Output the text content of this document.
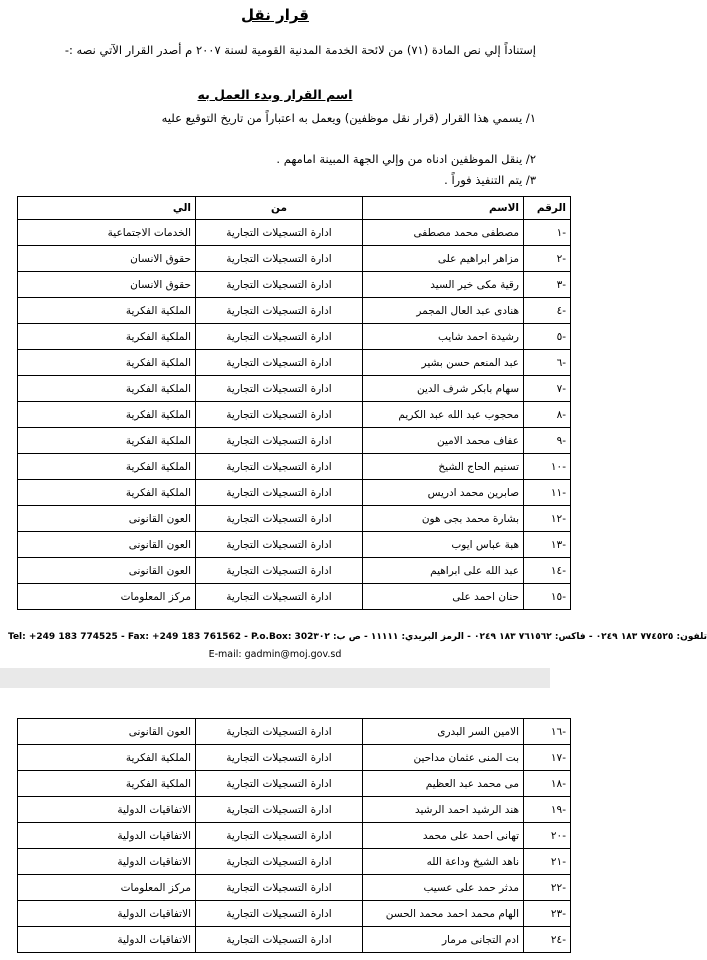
قرار نقل
إستناداً إلي نص المادة (٧١) من لائحة الخدمة المدنية القومية لسنة ٢٠٠٧ م أصدر القرار الآتي نصه :-
اسم القرار وبدء العمل به
١/ يسمي هذا القرار (قرار نقل موظفين) ويعمل به اعتباراً من تاريخ التوقيع عليه
٢/ ينقل الموظفين ادناه من وإلي الجهة المبينة امامهم .
٣/ يتم التنفيذ فوراً .
الرقم	الاسم	من	الي
-١	مصطفى محمد مصطفى	ادارة التسجيلات التجارية	الخدمات الاجتماعية
-٢	مزاهر ابراهيم على	ادارة التسجيلات التجارية	حقوق الانسان
-٣	رقية مكى خير السيد	ادارة التسجيلات التجارية	حقوق الانسان
-٤	هنادى عبد العال المجمر	ادارة التسجيلات التجارية	الملكية الفكرية
-٥	رشيدة احمد شايب	ادارة التسجيلات التجارية	الملكية الفكرية
-٦	عبد المنعم حسن بشير	ادارة التسجيلات التجارية	الملكية الفكرية
-٧	سهام بابكر شرف الدين	ادارة التسجيلات التجارية	الملكية الفكرية
-٨	محجوب عبد الله عبد الكريم	ادارة التسجيلات التجارية	الملكية الفكرية
-٩	عفاف محمد الامين	ادارة التسجيلات التجارية	الملكية الفكرية
-١٠	تسنيم الحاج الشيخ	ادارة التسجيلات التجارية	الملكية الفكرية
-١١	صابرين محمد ادريس	ادارة التسجيلات التجارية	الملكية الفكرية
-١٢	بشارة محمد بجى هون	ادارة التسجيلات التجارية	العون القانونى
-١٣	هبة عباس ايوب	ادارة التسجيلات التجارية	العون القانونى
-١٤	عبد الله على ابراهيم	ادارة التسجيلات التجارية	العون القانونى
-١٥	حنان احمد على	ادارة التسجيلات التجارية	مركز المعلومات
Tel: +249 183 774525 - Fax: +249 183 761562 - P.o.Box: 302 تلفون: ٧٧٤٥٢٥ ١٨٣ ٠٢٤٩ - فاكس: ٧٦١٥٦٢ ١٨٣ ٠٢٤٩ - الرمز البريدي: ١١١١١ - ص ب: ٣٠٢
E-mail: gadmin@moj.gov.sd
-١٦	الامين السر البدرى	ادارة التسجيلات التجارية	العون القانونى
-١٧	بت المنى عثمان مداحين	ادارة التسجيلات التجارية	الملكية الفكرية
-١٨	مى محمد عبد العظيم	ادارة التسجيلات التجارية	الملكية الفكرية
-١٩	هند الرشيد احمد الرشيد	ادارة التسجيلات التجارية	الاتفاقيات الدولية
-٢٠	تهانى احمد على محمد	ادارة التسجيلات التجارية	الاتفاقيات الدولية
-٢١	ناهد الشيخ وداعة الله	ادارة التسجيلات التجارية	الاتفاقيات الدولية
-٢٢	مدثر حمد على عسيب	ادارة التسجيلات التجارية	مركز المعلومات
-٢٣	الهام محمد احمد محمد الحسن	ادارة التسجيلات التجارية	الاتفاقيات الدولية
-٢٤	ادم التجانى مرمار	ادارة التسجيلات التجارية	الاتفاقيات الدولية
